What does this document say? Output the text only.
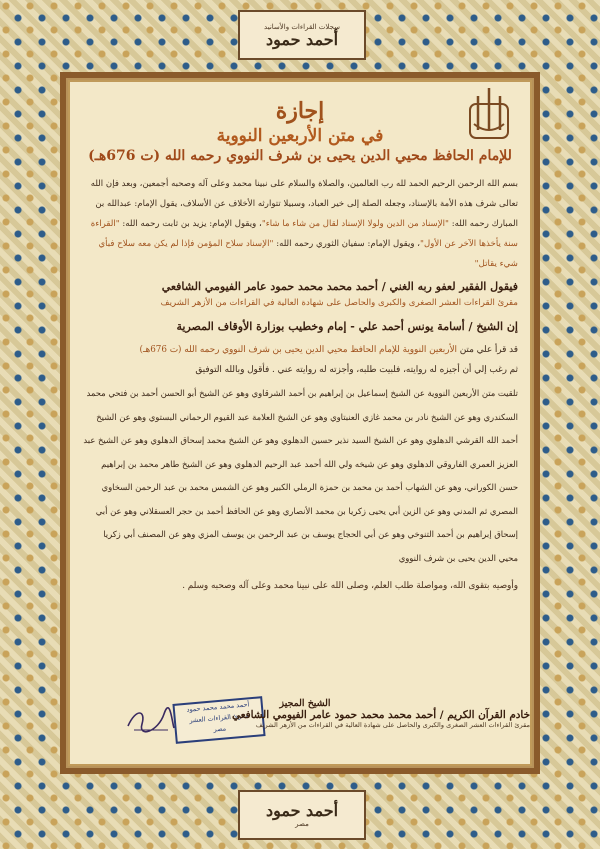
سجلات القراءات والأسانيد
أحمد حمود
إجازة
في متن الأربعين النووية
للإمام الحافظ محيي الدين يحيى بن شرف النووي رحمه الله (ت 676هـ)

بسم الله الرحمن الرحيم الحمد لله رب العالمين، والصلاة والسلام على نبينا محمد وعلى آله وصحبه أجمعين، وبعد فإن الله تعالى شرف هذه الأمة بالإسناد، وجعله الصلة إلى خير العباد، وسبيلا تتوارثه الأخلاف عن الأسلاف، يقول الإمام: عبدالله بن المبارك رحمه الله: "الإسناد من الدين ولولا الإسناد لقال من شاء ما شاء"، ويقول الإمام: يزيد بن ثابت رحمه الله: "القراءة سنة يأخذها الآخر عن الأول"، ويقول الإمام: سفيان الثوري رحمه الله: "الإسناد سلاح المؤمن فإذا لم يكن معه سلاح فبأي شيء يقاتل"

فيقول الفقير لعفو ربه الغني / أحمد محمد محمد حمود عامر الفيومي الشافعي
مقرئ القراءات العشر الصغرى والكبرى والحاصل على شهادة العالية في القراءات من الأزهر الشريف
إن الشيخ / أسامة يونس أحمد علي - إمام وخطيب بوزارة الأوقاف المصرية

قد قرأ علي متن الأربعين النووية للإمام الحافظ محيي الدين يحيى بن شرف النووي رحمه الله (ت 676هـ)
ثم رغب إلي أن أجيزه له روايته، فلبيت طلبه، وأجزته له روايته عني . فأقول وبالله التوفيق

تلقيت متن الأربعين النووية عن الشيخ إسماعيل بن إبراهيم بن أحمد الشرقاوي وهو عن الشيخ أبو الحسن أحمد بن فتحي محمد السكندري وهو عن الشيخ نادر بن محمد غازي العنبتاوي وهو عن الشيخ العلامة عبد القيوم الرحماني البستوي وهو عن الشيخ أحمد الله القرشي الدهلوي وهو عن الشيخ السيد نذير حسين الدهلوي وهو عن الشيخ محمد إسحاق الدهلوي وهو عن الشيخ عبد العزيز العمري الفاروقي الدهلوي وهو عن شيخه ولي الله أحمد عبد الرحيم الدهلوي وهو عن الشيخ طاهر محمد بن إبراهيم حسن الكوراني، وهو عن الشهاب أحمد بن محمد بن حمزة الرملي الكبير وهو عن الشمس محمد بن عبد الرحمن السخاوي المصري ثم المدني وهو عن الزين أبي يحيى زكريا بن محمد الأنصاري وهو عن الحافظ أحمد بن حجر العسقلاني وهو عن أبي إسحاق إبراهيم بن أحمد التنوخي وهو عن أبي الحجاج يوسف بن عبد الرحمن بن يوسف المزي وهو عن المصنف أبي زكريا محيي الدين يحيى بن شرف النووي

وأوصيه بتقوى الله، ومواصلة طلب العلم، وصلى الله على نبينا محمد وعلى آله وصحبه وسلم .

أحمد محمد محمد حمود
مقرئ القراءات العشر
مصر
الشيخ المجيز
خادم القرآن الكريم / أحمد محمد محمد حمود عامر الفيومي الشافعي
مقرئ القراءات العشر الصغرى والكبرى والحاصل على شهادة العالية في القراءات من الأزهر الشريف
أحمد حمود
مصر
